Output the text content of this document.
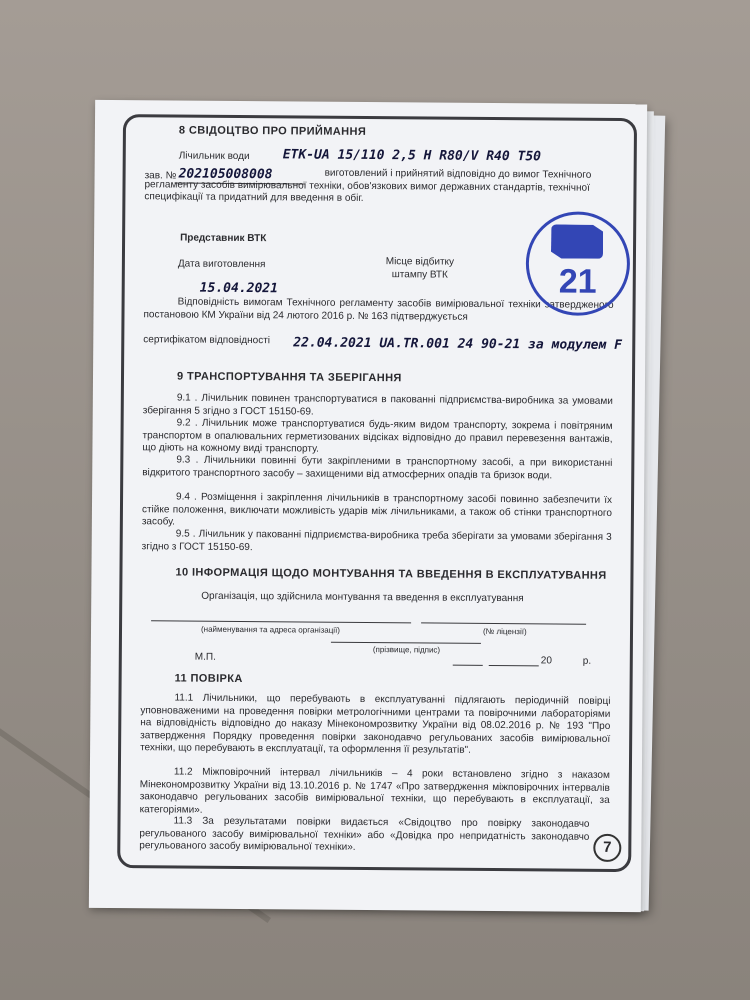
8 СВІДОЦТВО ПРО ПРИЙМАННЯ

Лічильник води	ETK-UA 15/110 2,5 H R80/V R40 T50

зав. № 202105008008	виготовлений і прийнятий відповідно до вимог Технічного регламенту засобів вимірювальної техніки, обов'язкових вимог державних стандартів, технічної специфікації та придатний для введення в обіг.

Представник ВТК

Дата виготовлення	Місце відбитку штампу ВТК

15.04.2021

Відповідність вимогам Технічного регламенту засобів вимірювальної техніки затвердженого постановою КМ України від 24 лютого 2016 р. № 163 підтверджується

сертифікатом відповідності 22.04.2021 UA.TR.001 24 90-21 за модулем F

21

9 ТРАНСПОРТУВАННЯ ТА ЗБЕРІГАННЯ

9.1 . Лічильник повинен транспортуватися в пакованні підприємства-виробника за умовами зберігання 5 згідно з ГОСТ 15150-69.

9.2 . Лічильник може транспортуватися будь-яким видом транспорту, зокрема і повітряним транспортом в опалювальних герметизованих відсіках відповідно до правил перевезення вантажів, що діють на кожному виді транспорту.

9.3 . Лічильники повинні бути закріпленими в транспортному засобі, а при використанні відкритого транспортного засобу – захищеними від атмосферних опадів та бризок води.

9.4 . Розміщення і закріплення лічильників в транспортному засобі повинно забезпечити їх стійке положення, виключати можливість ударів між лічильниками, а також об стінки транспортного засобу.

9.5 . Лічильник у пакованні підприємства-виробника треба зберігати за умовами зберігання 3 згідно з ГОСТ 15150-69.

10 ІНФОРМАЦІЯ ЩОДО МОНТУВАННЯ ТА ВВЕДЕННЯ В ЕКСПЛУАТУВАННЯ

Організація, що здійснила монтування та введення в експлуатування

(найменування та адреса організації)	(№ ліцензії)

(прізвище, підпис)

М.П.	20	р.

11 ПОВІРКА

11.1 Лічильники, що перебувають в експлуатуванні підлягають періодичній повірці уповноваженими на проведення повірки метрологічними центрами та повірочними лабораторіями на відповідність відповідно до наказу Мінекономрозвитку України від 08.02.2016 р. № 193 "Про затвердження Порядку проведення повірки законодавчо регульованих засобів вимірювальної техніки, що перебувають в експлуатації, та оформлення її результатів".

11.2 Міжповірочний інтервал лічильників – 4 роки встановлено згідно з наказом Мінекономрозвитку України від 13.10.2016 р. № 1747 «Про затвердження міжповірочних інтервалів законодавчо регульованих засобів вимірювальної техніки, що перебувають в експлуатації, за категоріями».

11.3 За результатами повірки видається «Свідоцтво про повірку законодавчо регульованого засобу вимірювальної техніки» або «Довідка про непридатність законодавчо регульованого засобу вимірювальної техніки».	7
